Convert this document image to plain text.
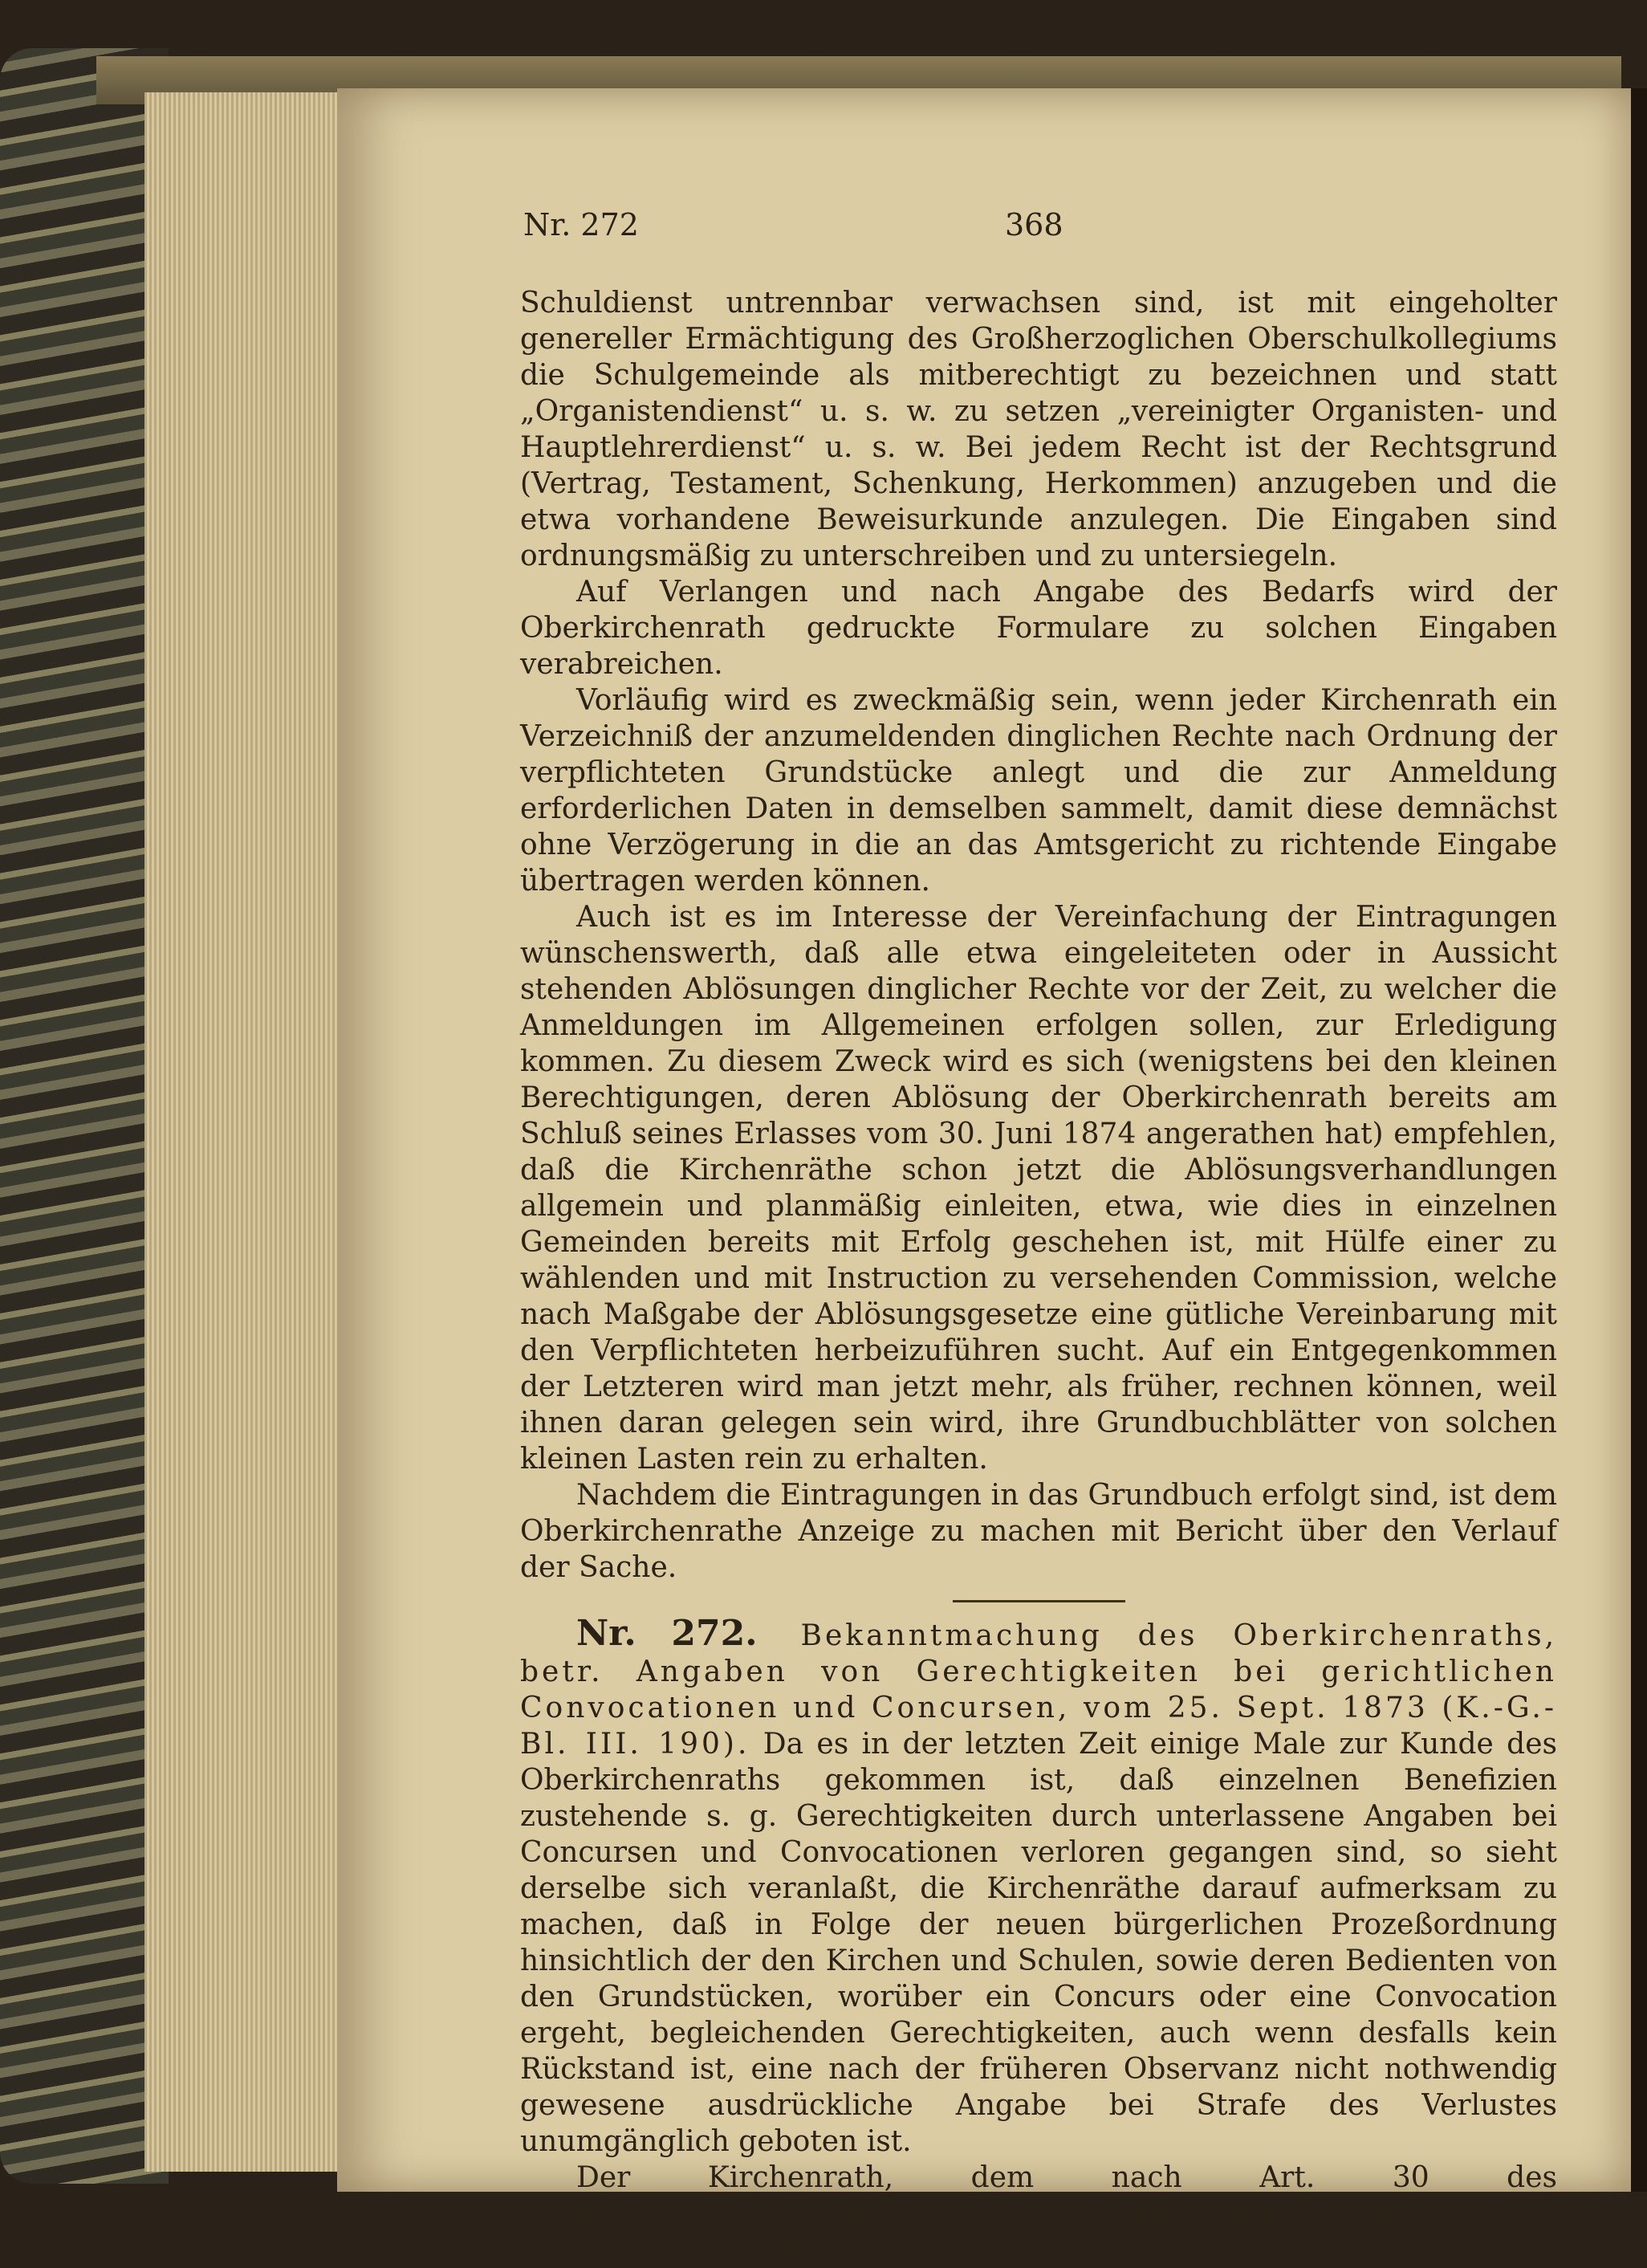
Nr. 272	368

Schuldienst untrennbar verwachsen sind, ist mit eingeholter genereller Ermächtigung des Großherzoglichen Oberschulkollegiums die Schulgemeinde als mitberechtigt zu bezeichnen und statt „Organistendienst“ u. s. w. zu setzen „vereinigter Organisten- und Hauptlehrerdienst“ u. s. w. Bei jedem Recht ist der Rechtsgrund (Vertrag, Testament, Schenkung, Herkommen) anzugeben und die etwa vorhandene Beweisurkunde anzulegen. Die Eingaben sind ordnungsmäßig zu unterschreiben und zu untersiegeln.

Auf Verlangen und nach Angabe des Bedarfs wird der Oberkirchenrath gedruckte Formulare zu solchen Eingaben verabreichen.

Vorläufig wird es zweckmäßig sein, wenn jeder Kirchenrath ein Verzeichniß der anzumeldenden dinglichen Rechte nach Ordnung der verpflichteten Grundstücke anlegt und die zur Anmeldung erforderlichen Daten in demselben sammelt, damit diese demnächst ohne Verzögerung in die an das Amtsgericht zu richtende Eingabe übertragen werden können.

Auch ist es im Interesse der Vereinfachung der Eintragungen wünschenswerth, daß alle etwa eingeleiteten oder in Aussicht stehenden Ablösungen dinglicher Rechte vor der Zeit, zu welcher die Anmeldungen im Allgemeinen erfolgen sollen, zur Erledigung kommen. Zu diesem Zweck wird es sich (wenigstens bei den kleinen Berechtigungen, deren Ablösung der Oberkirchenrath bereits am Schluß seines Erlasses vom 30. Juni 1874 angerathen hat) empfehlen, daß die Kirchenräthe schon jetzt die Ablösungsverhandlungen allgemein und planmäßig einleiten, etwa, wie dies in einzelnen Gemeinden bereits mit Erfolg geschehen ist, mit Hülfe einer zu wählenden und mit Instruction zu versehenden Commission, welche nach Maßgabe der Ablösungsgesetze eine gütliche Vereinbarung mit den Verpflichteten herbeizuführen sucht. Auf ein Entgegenkommen der Letzteren wird man jetzt mehr, als früher, rechnen können, weil ihnen daran gelegen sein wird, ihre Grundbuchblätter von solchen kleinen Lasten rein zu erhalten.

Nachdem die Eintragungen in das Grundbuch erfolgt sind, ist dem Oberkirchenrathe Anzeige zu machen mit Bericht über den Verlauf der Sache.

Nr. 272. Bekanntmachung des Oberkirchenraths, betr. Angaben von Gerechtigkeiten bei gerichtlichen Convocationen und Concursen, vom 25. Sept. 1873 (K.-G.-Bl. III. 190). Da es in der letzten Zeit einige Male zur Kunde des Oberkirchenraths gekommen ist, daß einzelnen Benefizien zustehende s. g. Gerechtigkeiten durch unterlassene Angaben bei Concursen und Convocationen verloren gegangen sind, so sieht derselbe sich veranlaßt, die Kirchenräthe darauf aufmerksam zu machen, daß in Folge der neuen bürgerlichen Prozeßordnung hinsichtlich der den Kirchen und Schulen, sowie deren Bedienten von den Grundstücken, worüber ein Concurs oder eine Convocation ergeht, begleichenden Gerechtigkeiten, auch wenn desfalls kein Rückstand ist, eine nach der früheren Observanz nicht nothwendig gewesene ausdrückliche Angabe bei Strafe des Verlustes unumgänglich geboten ist.

Der Kirchenrath, dem nach Art. 30 des Kirchenverfassungsgesetzes Nr. 5 und 6 die Verwaltung und Wahrung des Kirchenvermögens der
